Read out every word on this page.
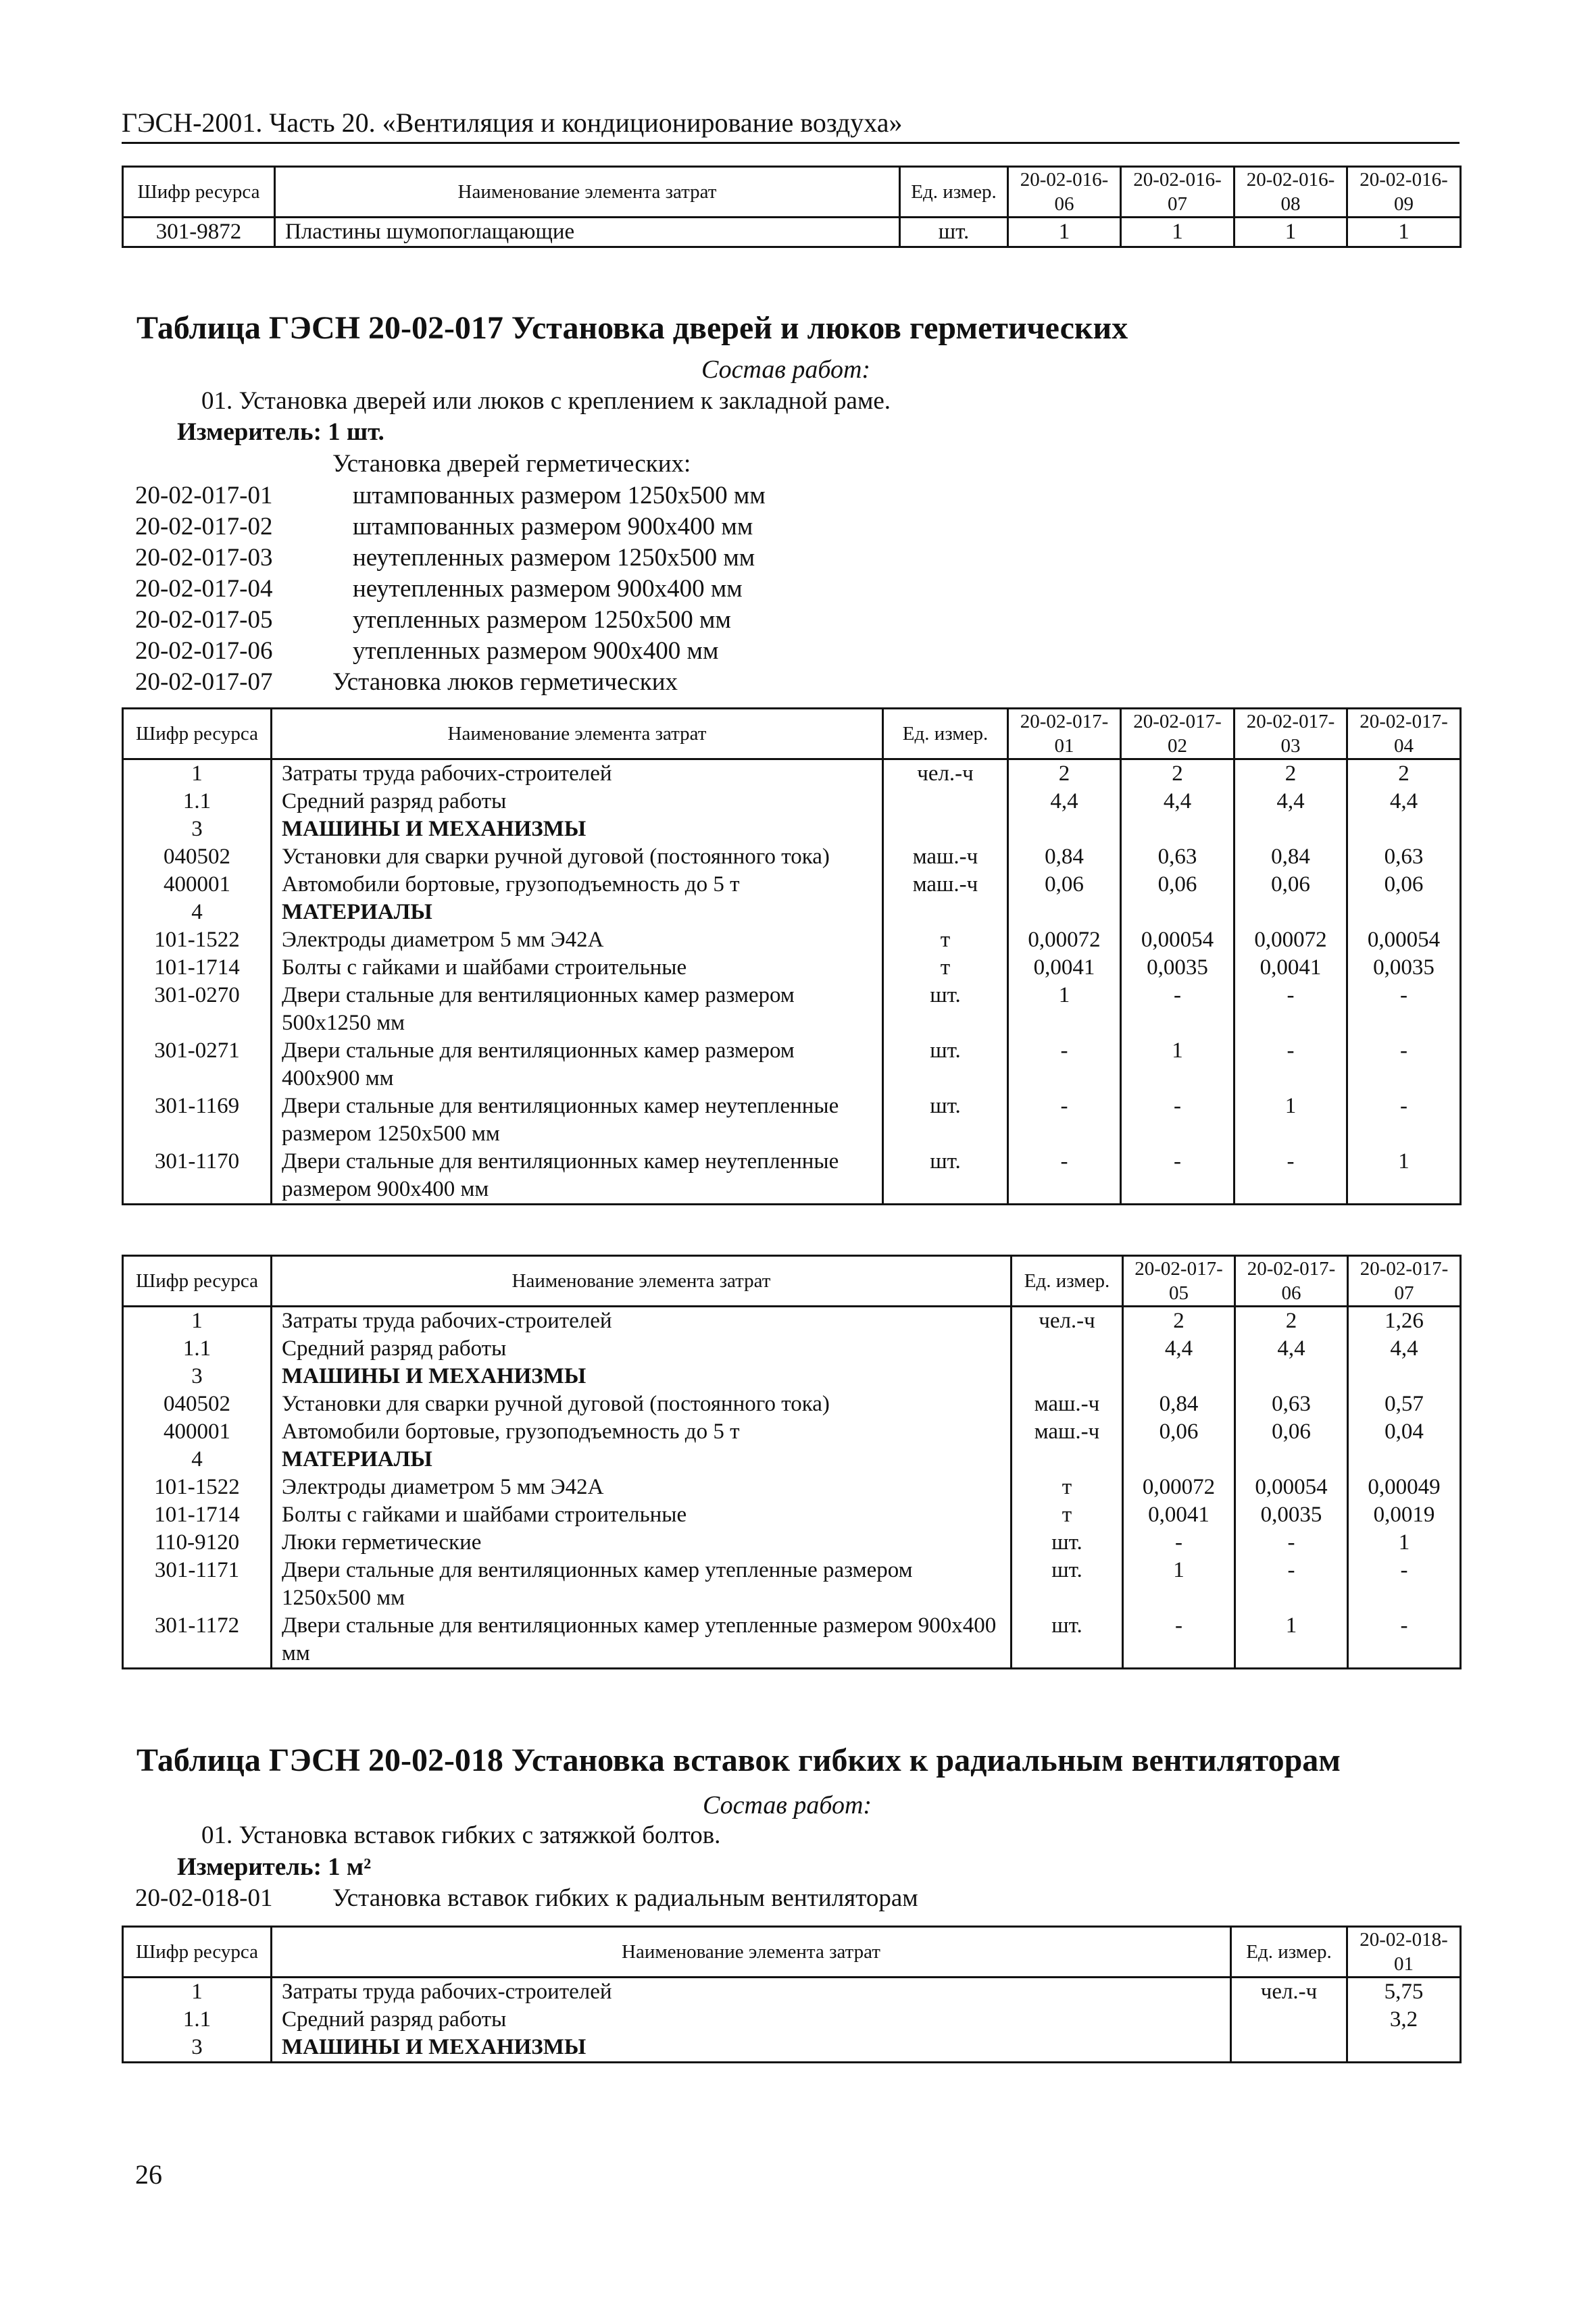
ГЭСН-2001. Часть 20. «Вентиляция и кондиционирование воздуха»
Шифр ресурса	Наименование элемента затрат	Ед. измер.	20-02-016-06	20-02-016-07	20-02-016-08	20-02-016-09
301-9872	Пластины шумопоглащающие	шт.	1	1	1	1
Таблица ГЭСН 20-02-017 Установка дверей и люков герметических
Состав работ:
01. Установка дверей или люков с креплением к закладной раме.
Измеритель: 1 шт.
Установка дверей герметических:
20-02-017-01	штампованных размером 1250х500 мм
20-02-017-02	штампованных размером 900х400 мм
20-02-017-03	неутепленных размером 1250х500 мм
20-02-017-04	неутепленных размером 900х400 мм
20-02-017-05	утепленных размером 1250х500 мм
20-02-017-06	утепленных размером 900х400 мм
20-02-017-07 Установка люков герметических
Шифр ресурса	Наименование элемента затрат	Ед. измер.	20-02-017-01	20-02-017-02	20-02-017-03	20-02-017-04
1	Затраты труда рабочих-строителей	чел.-ч	2	2	2	2
1.1	Средний разряд работы		4,4	4,4	4,4	4,4
3	МАШИНЫ И МЕХАНИЗМЫ					
040502	Установки для сварки ручной дуговой (постоянного тока)	маш.-ч	0,84	0,63	0,84	0,63
400001	Автомобили бортовые, грузоподъемность до 5 т	маш.-ч	0,06	0,06	0,06	0,06
4	МАТЕРИАЛЫ					
101-1522	Электроды диаметром 5 мм Э42А	т	0,00072	0,00054	0,00072	0,00054
101-1714	Болты с гайками и шайбами строительные	т	0,0041	0,0035	0,0041	0,0035
301-0270	Двери стальные для вентиляционных камер размером 500х1250 мм	шт.	1	-	-	-
301-0271	Двери стальные для вентиляционных камер размером 400х900 мм	шт.	-	1	-	-
301-1169	Двери стальные для вентиляционных камер неутепленные размером 1250х500 мм	шт.	-	-	1	-
301-1170	Двери стальные для вентиляционных камер неутепленные размером 900х400 мм	шт.	-	-	-	1
Шифр ресурса	Наименование элемента затрат	Ед. измер.	20-02-017-05	20-02-017-06	20-02-017-07
1	Затраты труда рабочих-строителей	чел.-ч	2	2	1,26
1.1	Средний разряд работы		4,4	4,4	4,4
3	МАШИНЫ И МЕХАНИЗМЫ				
040502	Установки для сварки ручной дуговой (постоянного тока)	маш.-ч	0,84	0,63	0,57
400001	Автомобили бортовые, грузоподъемность до 5 т	маш.-ч	0,06	0,06	0,04
4	МАТЕРИАЛЫ				
101-1522	Электроды диаметром 5 мм Э42А	т	0,00072	0,00054	0,00049
101-1714	Болты с гайками и шайбами строительные	т	0,0041	0,0035	0,0019
110-9120	Люки герметические	шт.	-	-	1
301-1171	Двери стальные для вентиляционных камер утепленные размером 1250х500 мм	шт.	1	-	-
301-1172	Двери стальные для вентиляционных камер утепленные размером 900х400 мм	шт.	-	1	-
Таблица ГЭСН 20-02-018 Установка вставок гибких к радиальным вентиляторам
Состав работ:
01. Установка вставок гибких с затяжкой болтов.
Измеритель: 1 м²
20-02-018-01 Установка вставок гибких к радиальным вентиляторам
Шифр ресурса	Наименование элемента затрат	Ед. измер.	20-02-018-01
1	Затраты труда рабочих-строителей	чел.-ч	5,75
1.1	Средний разряд работы		3,2
3	МАШИНЫ И МЕХАНИЗМЫ		
26
